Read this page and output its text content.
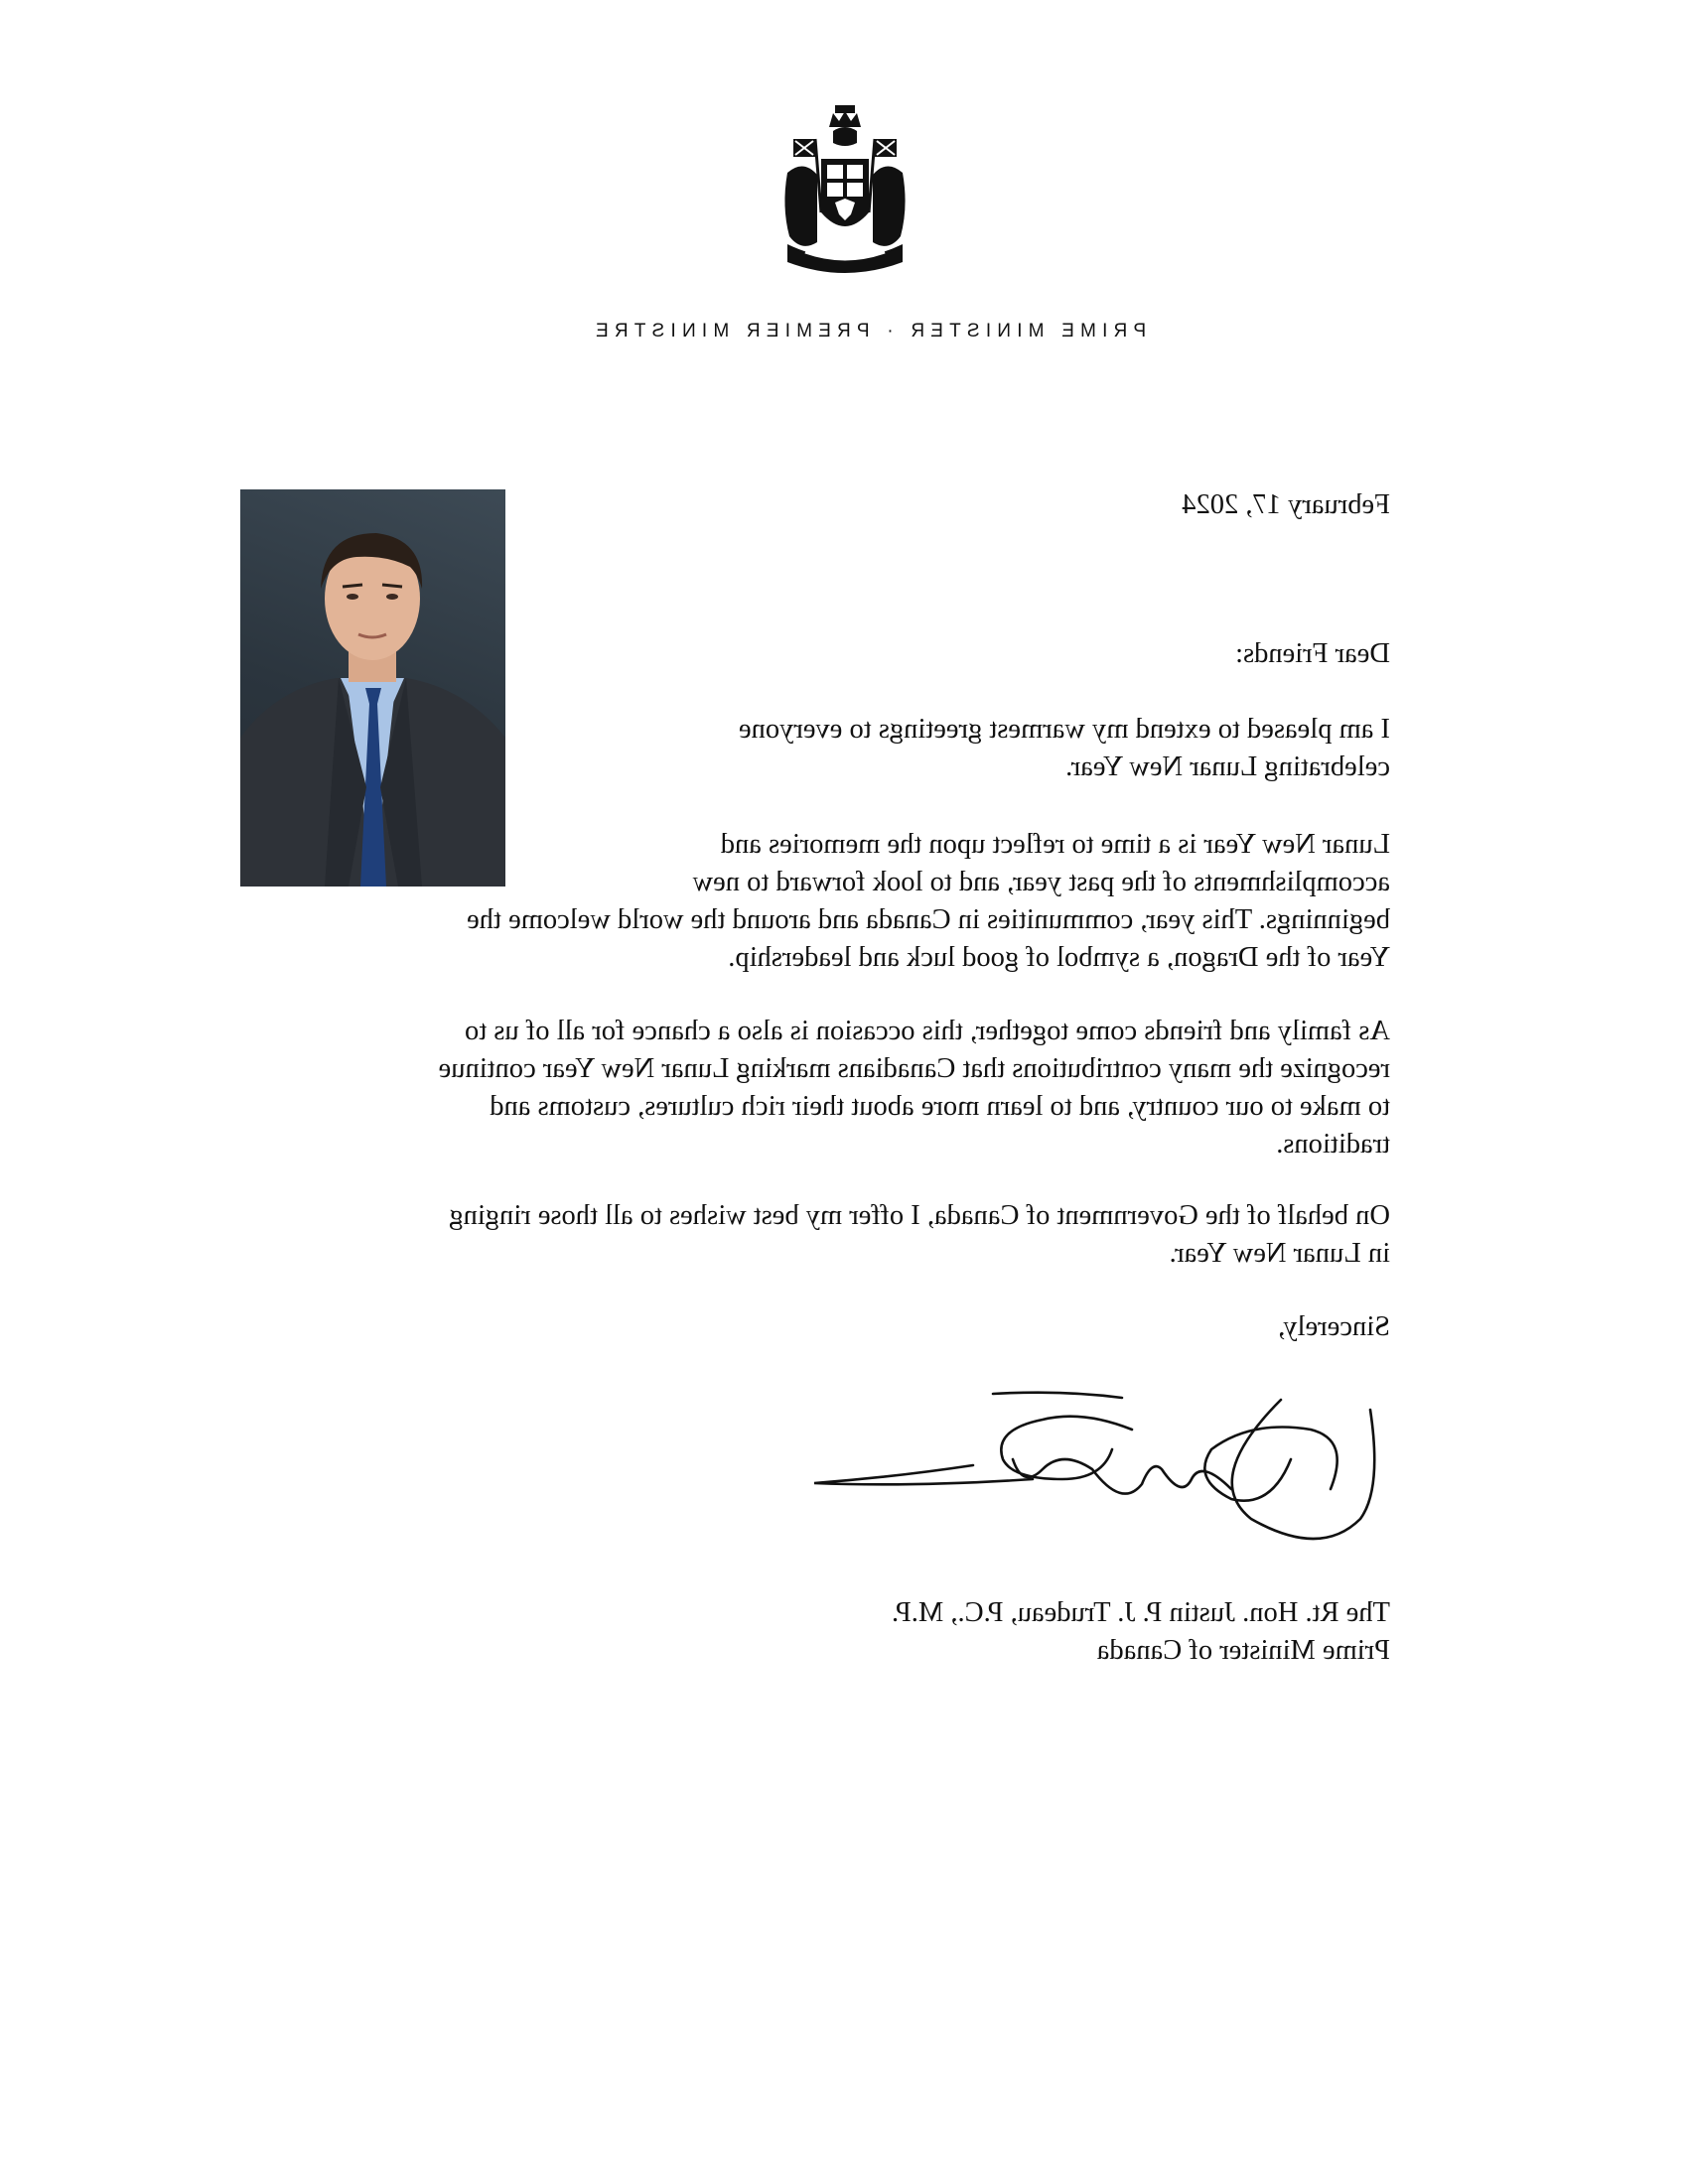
PRIME MINISTER · PREMIER MINISTRE
February 17, 2024
Dear Friends:
I am pleased to extend my warmest greetings to everyone
celebrating Lunar New Year.
Lunar New Year is a time to reflect upon the memories and
accomplishments of the past year, and to look forward to new
beginnings. This year, communities in Canada and around the world welcome the
Year of the Dragon, a symbol of good luck and leadership.
As family and friends come together, this occasion is also a chance for all of us to
recognize the many contributions that Canadians marking Lunar New Year continue
to make to our country, and to learn more about their rich cultures, customs and
traditions.
On behalf of the Government of Canada, I offer my best wishes to all those ringing
in Lunar New Year.
Sincerely,
The Rt. Hon. Justin P. J. Trudeau, P.C., M.P.
Prime Minister of Canada
